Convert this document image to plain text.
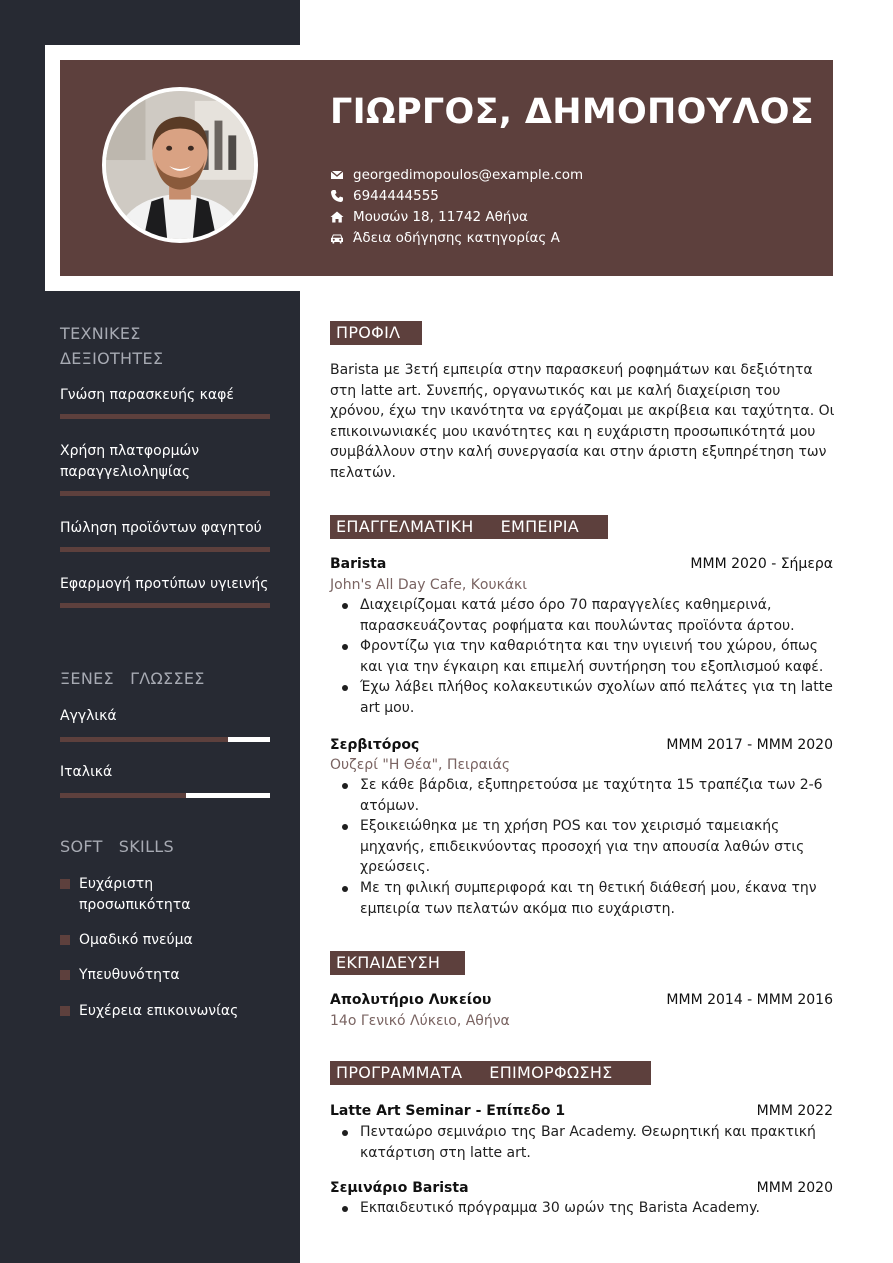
ΓΙΩΡΓΟΣ, ΔΗΜΟΠΟΥΛΟΣ
georgedimopoulos@example.com
6944444555
Μουσών 18, 11742 Αθήνα
Άδεια οδήγησης κατηγορίας Α
ΤΕΧΝΙΚΕΣ
ΔΕΞΙΟΤΗΤΕΣ
Γνώση παρασκευής καφέ
Χρήση πλατφορμών παραγγελιοληψίας
Πώληση προϊόντων φαγητού
Εφαρμογή προτύπων υγιεινής
ΞΕΝΕΣ   ΓΛΩΣΣΕΣ
Αγγλικά
Ιταλικά
SOFT   SKILLS
Ευχάριστη προσωπικότητα
Ομαδικό πνεύμα
Υπευθυνότητα
Ευχέρεια επικοινωνίας
ΠΡΟΦΙΛ
Barista με 3ετή εμπειρία στην παρασκευή ροφημάτων και δεξιότητα στη latte art. Συνεπής, οργανωτικός και με καλή διαχείριση του χρόνου, έχω την ικανότητα να εργάζομαι με ακρίβεια και ταχύτητα. Οι επικοινωνιακές μου ικανότητες και η ευχάριστη προσωπικότητά μου συμβάλλουν στην καλή συνεργασία και στην άριστη εξυπηρέτηση των πελατών.
ΕΠΑΓΓΕΛΜΑΤΙΚΗ     ΕΜΠΕΙΡΙΑ
Barista	MMM 2020 - Σήμερα
John's All Day Cafe, Κουκάκι
Διαχειρίζομαι κατά μέσο όρο 70 παραγγελίες καθημερινά, παρασκευάζοντας ροφήματα και πουλώντας προϊόντα άρτου.
Φροντίζω για την καθαριότητα και την υγιεινή του χώρου, όπως και για την έγκαιρη και επιμελή συντήρηση του εξοπλισμού καφέ.
Έχω λάβει πλήθος κολακευτικών σχολίων από πελάτες για τη latte art μου.
Σερβιτόρος	MMM 2017 - MMM 2020
Ουζερί "Η Θέα", Πειραιάς
Σε κάθε βάρδια, εξυπηρετούσα με ταχύτητα 15 τραπέζια των 2-6 ατόμων.
Εξοικειώθηκα με τη χρήση POS και τον χειρισμό ταμειακής μηχανής, επιδεικνύοντας προσοχή για την απουσία λαθών στις χρεώσεις.
Με τη φιλική συμπεριφορά και τη θετική διάθεσή μου, έκανα την εμπειρία των πελατών ακόμα πιο ευχάριστη.
ΕΚΠΑΙΔΕΥΣΗ
Απολυτήριο Λυκείου	MMM 2014 - MMM 2016
14ο Γενικό Λύκειο, Αθήνα
ΠΡΟΓΡΑΜΜΑΤΑ     ΕΠΙΜΟΡΦΩΣΗΣ
Latte Art Seminar - Επίπεδο 1	MMM 2022
Πενταώρο σεμινάριο της Bar Academy. Θεωρητική και πρακτική κατάρτιση στη latte art.
Σεμινάριο Barista	MMM 2020
Εκπαιδευτικό πρόγραμμα 30 ωρών της Barista Academy.
